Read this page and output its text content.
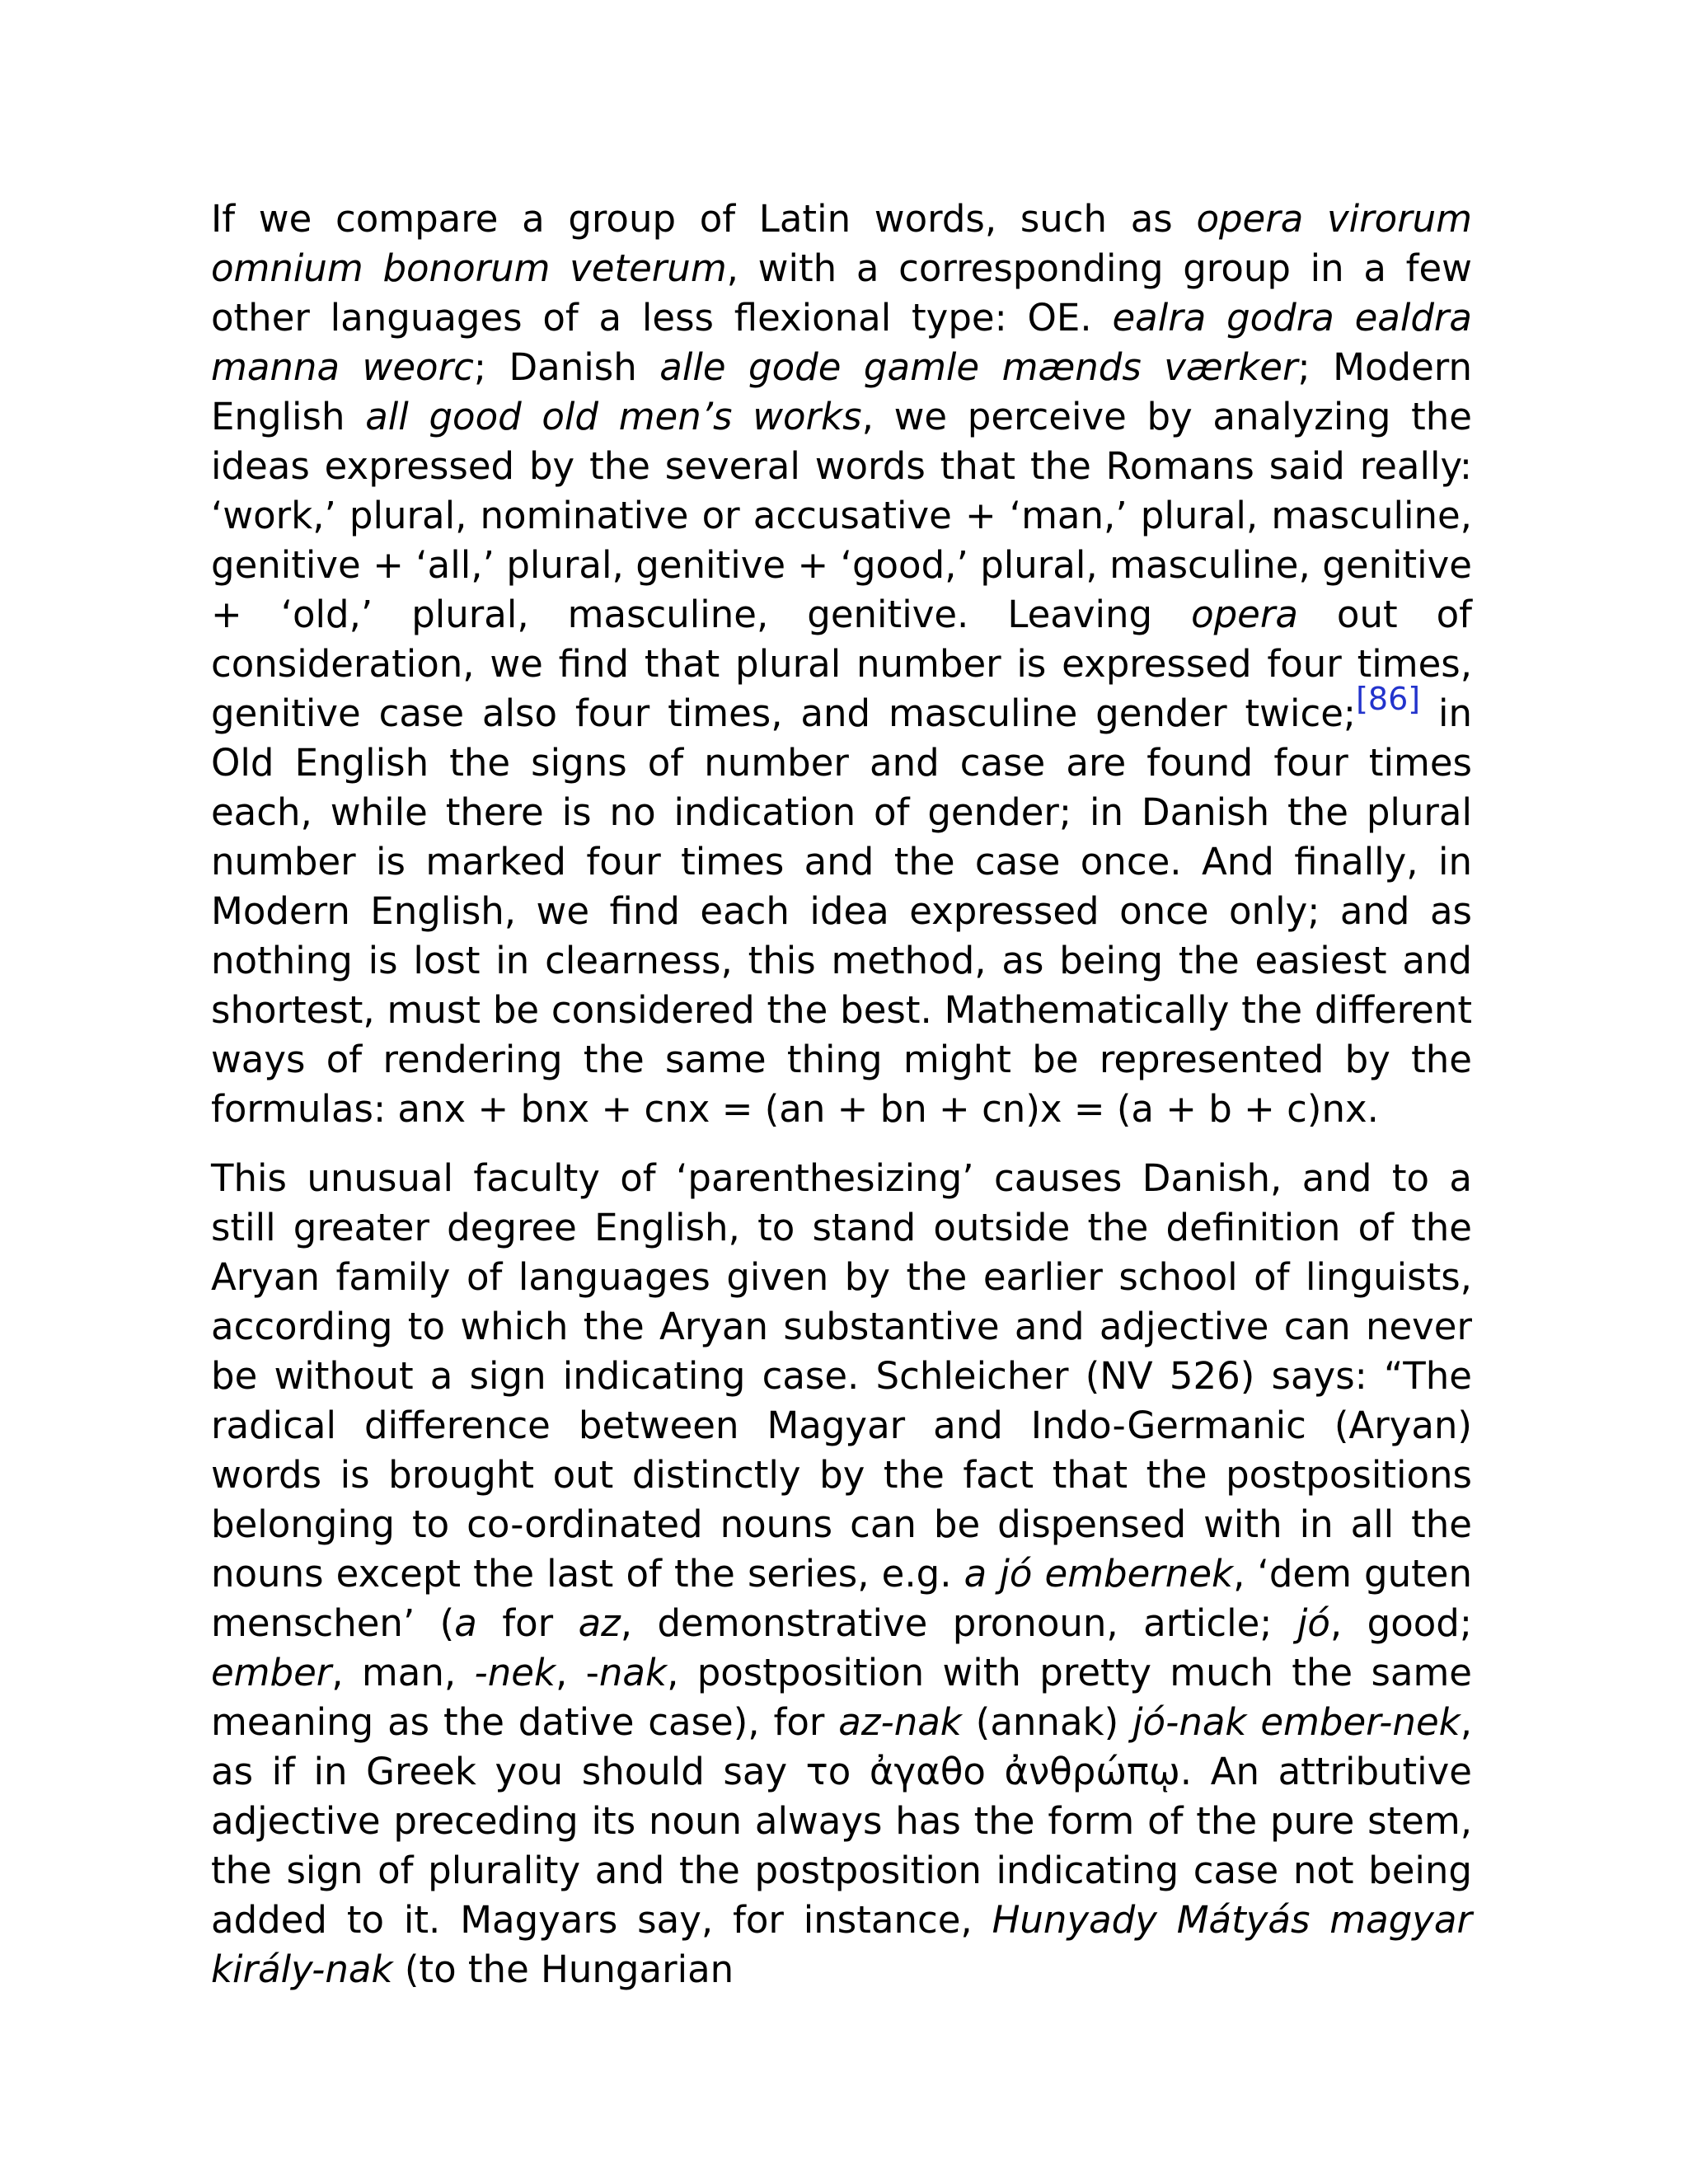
If we compare a group of Latin words, such as opera virorum omnium bonorum veterum, with a corresponding group in a few other languages of a less flexional type: OE. ealra godra ealdra manna weorc; Danish alle gode gamle mænds værker; Modern English all good old men’s works, we perceive by analyzing the ideas expressed by the several words that the Romans said really: ‘work,’ plural, nominative or accusative + ‘man,’ plural, masculine, genitive + ‘all,’ plural, genitive + ‘good,’ plural, masculine, genitive + ‘old,’ plural, masculine, genitive. Leaving opera out of consideration, we find that plural number is expressed four times, genitive case also four times, and masculine gender twice;[86] in Old English the signs of number and case are found four times each, while there is no indication of gender; in Danish the plural number is marked four times and the case once. And finally, in Modern English, we find each idea expressed once only; and as nothing is lost in clearness, this method, as being the easiest and shortest, must be considered the best. Mathematically the different ways of rendering the same thing might be represented by the formulas: anx + bnx + cnx = (an + bn + cn)x = (a + b + c)nx.

This unusual faculty of ‘parenthesizing’ causes Danish, and to a still greater degree English, to stand outside the definition of the Aryan family of languages given by the earlier school of linguists, according to which the Aryan substantive and adjective can never be without a sign indicating case. Schleicher (NV 526) says: “The radical difference between Magyar and Indo-Germanic (Aryan) words is brought out distinctly by the fact that the postpositions belonging to co-ordinated nouns can be dispensed with in all the nouns except the last of the series, e.g. a jó embernek, ‘dem guten menschen’ (a for az, demonstrative pronoun, article; jó, good; ember, man, -nek, -nak, postposition with pretty much the same meaning as the dative case), for az-nak (annak) jó-nak ember-nek, as if in Greek you should say το ἀγαθο ἀνθρώπῳ. An attributive adjective preceding its noun always has the form of the pure stem, the sign of plurality and the postposition indicating case not being added to it. Magyars say, for instance, Hunyady Mátyás magyar király-nak (to the Hungarian
